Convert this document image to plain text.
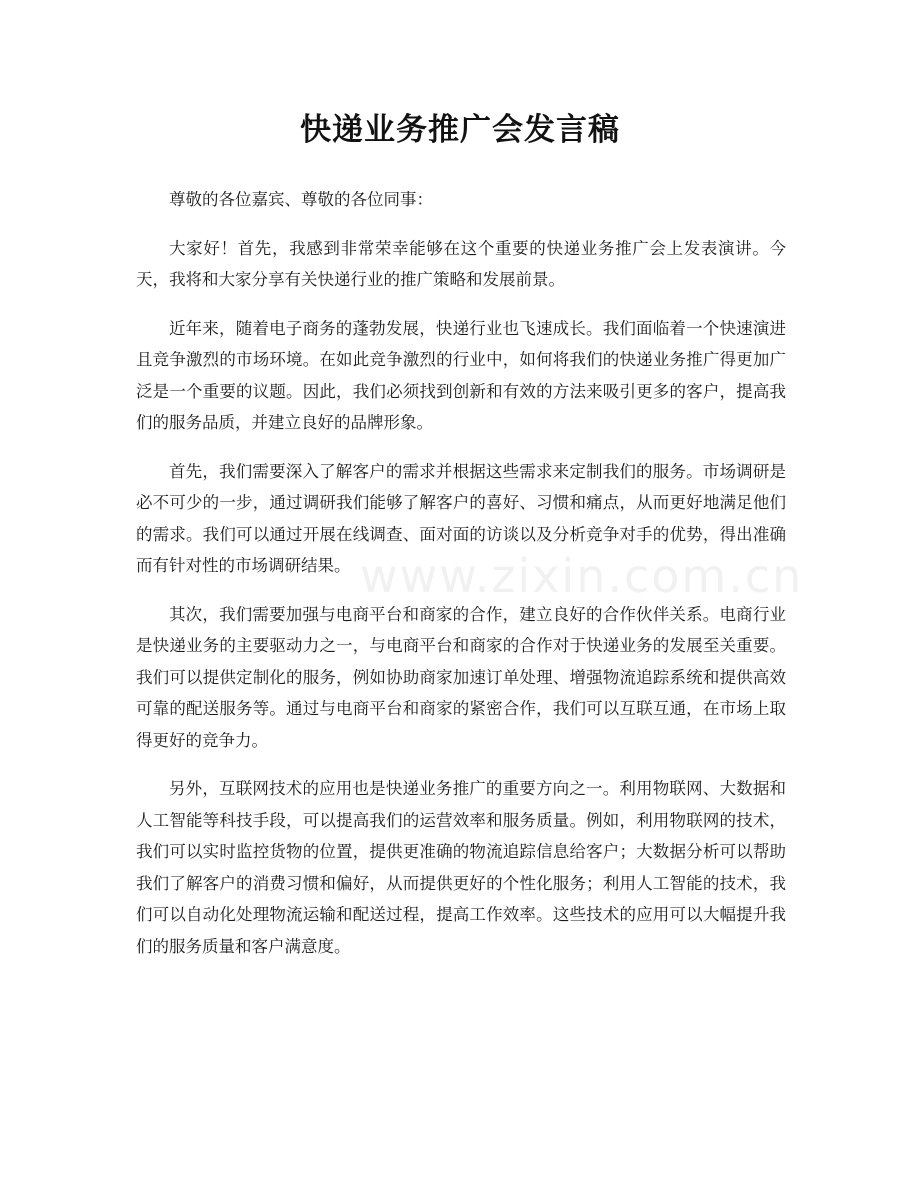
快递业务推广会发言稿
www.zixin.com.cn

尊敬的各位嘉宾、尊敬的各位同事：

大家好！首先，我感到非常荣幸能够在这个重要的快递业务推广会上发表演讲。今天，我将和大家分享有关快递行业的推广策略和发展前景。

近年来，随着电子商务的蓬勃发展，快递行业也飞速成长。我们面临着一个快速演进且竞争激烈的市场环境。在如此竞争激烈的行业中，如何将我们的快递业务推广得更加广泛是一个重要的议题。因此，我们必须找到创新和有效的方法来吸引更多的客户，提高我们的服务品质，并建立良好的品牌形象。

首先，我们需要深入了解客户的需求并根据这些需求来定制我们的服务。市场调研是必不可少的一步，通过调研我们能够了解客户的喜好、习惯和痛点，从而更好地满足他们的需求。我们可以通过开展在线调查、面对面的访谈以及分析竞争对手的优势，得出准确而有针对性的市场调研结果。

其次，我们需要加强与电商平台和商家的合作，建立良好的合作伙伴关系。电商行业是快递业务的主要驱动力之一，与电商平台和商家的合作对于快递业务的发展至关重要。我们可以提供定制化的服务，例如协助商家加速订单处理、增强物流追踪系统和提供高效可靠的配送服务等。通过与电商平台和商家的紧密合作，我们可以互联互通，在市场上取得更好的竞争力。

另外，互联网技术的应用也是快递业务推广的重要方向之一。利用物联网、大数据和人工智能等科技手段，可以提高我们的运营效率和服务质量。例如，利用物联网的技术，我们可以实时监控货物的位置，提供更准确的物流追踪信息给客户；大数据分析可以帮助我们了解客户的消费习惯和偏好，从而提供更好的个性化服务；利用人工智能的技术，我们可以自动化处理物流运输和配送过程，提高工作效率。这些技术的应用可以大幅提升我们的服务质量和客户满意度。
